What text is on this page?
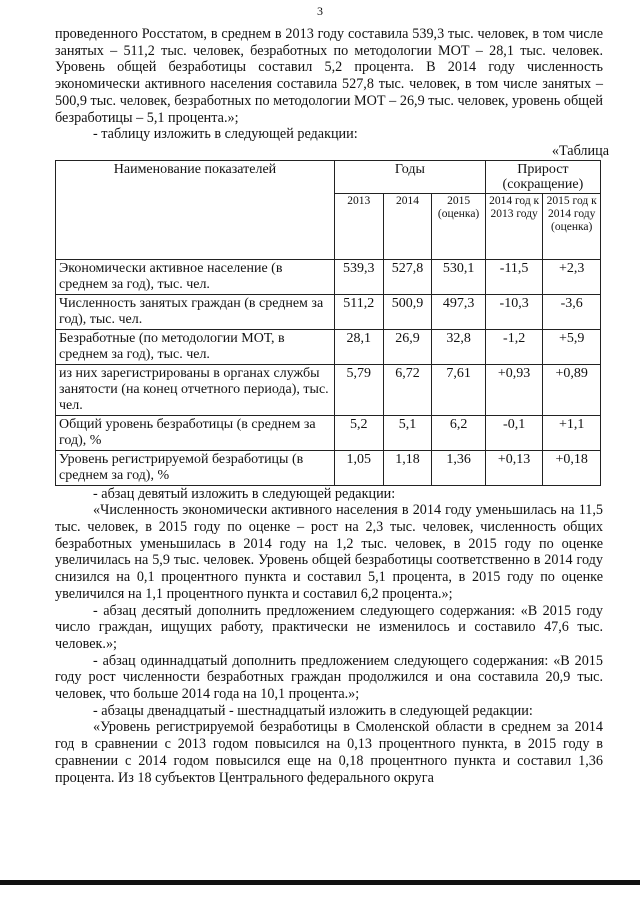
3

проведенного Росстатом, в среднем в 2013 году составила 539,3 тыс. человек, в том числе занятых – 511,2 тыс. человек, безработных по методологии МОТ – 28,1 тыс. человек. Уровень общей безработицы составил 5,2 процента. В 2014 году численность экономически активного населения составила 527,8 тыс. человек, в том числе занятых – 500,9 тыс. человек, безработных по методологии МОТ – 26,9 тыс. человек, уровень общей безработицы – 5,1 процента.»;

- таблицу изложить в следующей редакции:

«Таблица

Наименование показателей	Годы			Прирост (сокращение)	
	2013	2014	2015 (оценка)	2014 год к 2013 году	2015 год к 2014 году (оценка)
Экономически активное население (в среднем за год), тыс. чел.	539,3	527,8	530,1	-11,5	+2,3
Численность занятых граждан (в среднем за год), тыс. чел.	511,2	500,9	497,3	-10,3	-3,6
Безработные (по методологии МОТ, в среднем за год), тыс. чел.	28,1	26,9	32,8	-1,2	+5,9
из них зарегистрированы в органах службы занятости (на конец отчетного периода), тыс. чел.	5,79	6,72	7,61	+0,93	+0,89
Общий уровень безработицы (в среднем за год), %	5,2	5,1	6,2	-0,1	+1,1
Уровень регистрируемой безработицы (в среднем за год), %	1,05	1,18	1,36	+0,13	+0,18

- абзац девятый изложить в следующей редакции:

«Численность экономически активного населения в 2014 году уменьшилась на 11,5 тыс. человек, в 2015 году по оценке – рост на 2,3 тыс. человек, численность общих безработных уменьшилась в 2014 году на 1,2 тыс. человек, в 2015 году по оценке увеличилась на 5,9 тыс. человек. Уровень общей безработицы соответственно в 2014 году снизился на 0,1 процентного пункта и составил 5,1 процента, в 2015 году по оценке увеличился на 1,1 процентного пункта и составил 6,2 процента.»;

- абзац десятый дополнить предложением следующего содержания: «В 2015 году число граждан, ищущих работу, практически не изменилось и составило 47,6 тыс. человек.»;

- абзац одиннадцатый дополнить предложением следующего содержания: «В 2015 году рост численности безработных граждан продолжился и она составила 20,9 тыс. человек, что больше 2014 года на 10,1 процента.»;

- абзацы двенадцатый - шестнадцатый изложить в следующей редакции:

«Уровень регистрируемой безработицы в Смоленской области в среднем за 2014 год в сравнении с 2013 годом повысился на 0,13 процентного пункта, в 2015 году в сравнении с 2014 годом повысился еще на 0,18 процентного пункта и составил 1,36 процента. Из 18 субъектов Центрального федерального округа
